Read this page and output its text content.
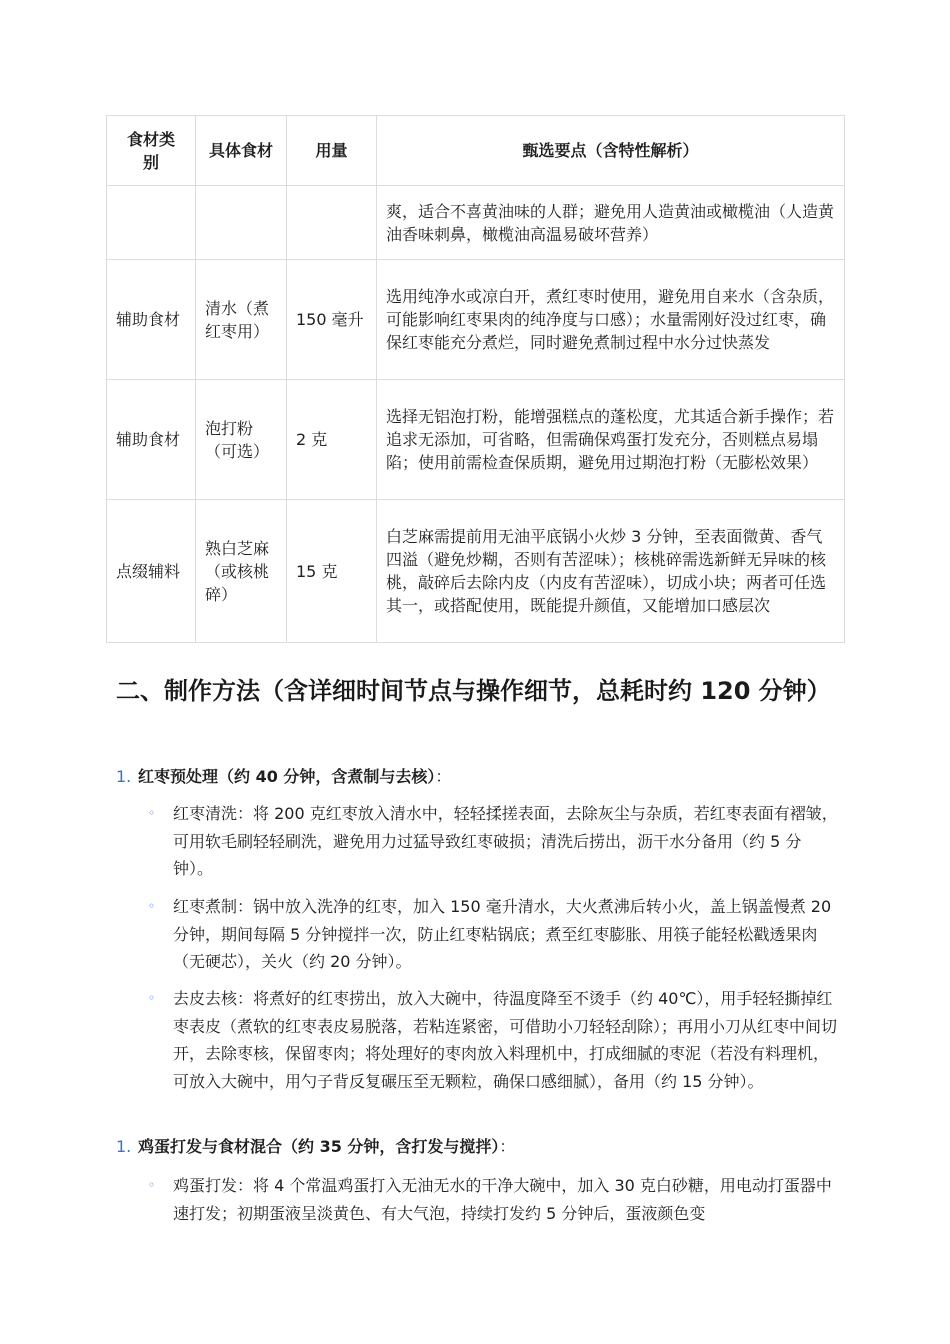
食材类别	具体食材	用量	甄选要点（含特性解析）
			爽，适合不喜黄油味的人群；避免用人造黄油或橄榄油（人造黄油香味刺鼻，橄榄油高温易破坏营养）
辅助食材	清水（煮红枣用）	150 毫升	选用纯净水或凉白开，煮红枣时使用，避免用自来水（含杂质，可能影响红枣果肉的纯净度与口感）；水量需刚好没过红枣，确保红枣能充分煮烂，同时避免煮制过程中水分过快蒸发
辅助食材	泡打粉（可选）	2 克	选择无铝泡打粉，能增强糕点的蓬松度，尤其适合新手操作；若追求无添加，可省略，但需确保鸡蛋打发充分，否则糕点易塌陷；使用前需检查保质期，避免用过期泡打粉（无膨松效果）
点缀辅料	熟白芝麻（或核桃碎）	15 克	白芝麻需提前用无油平底锅小火炒 3 分钟，至表面微黄、香气四溢（避免炒糊，否则有苦涩味）；核桃碎需选新鲜无异味的核桃，敲碎后去除内皮（内皮有苦涩味），切成小块；两者可任选其一，或搭配使用，既能提升颜值，又能增加口感层次
二、制作方法（含详细时间节点与操作细节，总耗时约 120 分钟）
1. 红枣预处理（约 40 分钟，含煮制与去核）：
◦ 红枣清洗：将 200 克红枣放入清水中，轻轻揉搓表面，去除灰尘与杂质，若红枣表面有褶皱，可用软毛刷轻轻刷洗，避免用力过猛导致红枣破损；清洗后捞出，沥干水分备用（约 5 分钟）。
◦ 红枣煮制：锅中放入洗净的红枣，加入 150 毫升清水，大火煮沸后转小火，盖上锅盖慢煮 20 分钟，期间每隔 5 分钟搅拌一次，防止红枣粘锅底；煮至红枣膨胀、用筷子能轻松戳透果肉（无硬芯），关火（约 20 分钟）。
◦ 去皮去核：将煮好的红枣捞出，放入大碗中，待温度降至不烫手（约 40℃），用手轻轻撕掉红枣表皮（煮软的红枣表皮易脱落，若粘连紧密，可借助小刀轻轻刮除）；再用小刀从红枣中间切开，去除枣核，保留枣肉；将处理好的枣肉放入料理机中，打成细腻的枣泥（若没有料理机，可放入大碗中，用勺子背反复碾压至无颗粒，确保口感细腻），备用（约 15 分钟）。
1. 鸡蛋打发与食材混合（约 35 分钟，含打发与搅拌）：
◦ 鸡蛋打发：将 4 个常温鸡蛋打入无油无水的干净大碗中，加入 30 克白砂糖，用电动打蛋器中速打发；初期蛋液呈淡黄色、有大气泡，持续打发约 5 分钟后，蛋液颜色变
